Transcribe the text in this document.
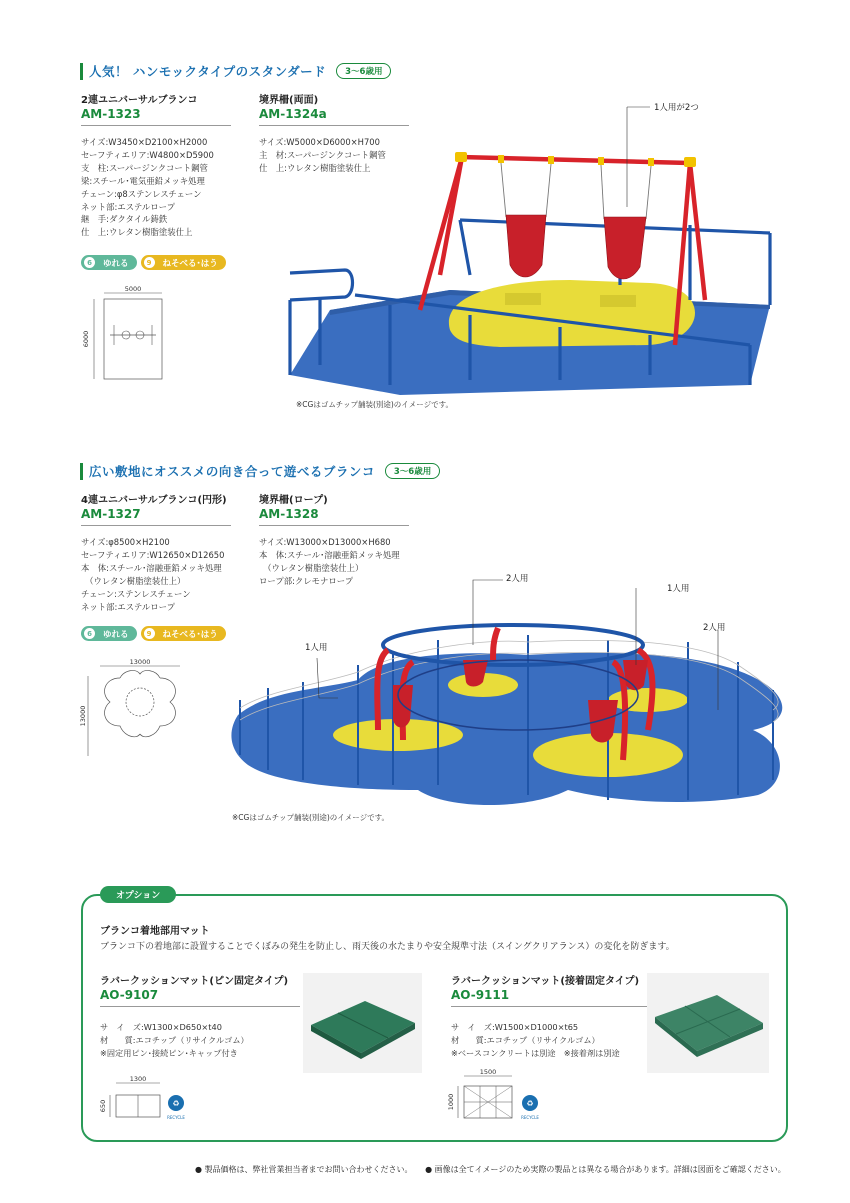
人気！ ハンモックタイプのスタンダード	3〜6歳用
2連ユニバーサルブランコ
AM-1323
サイズ:W3450×D2100×H2000
セーフティエリア:W4800×D5900
支　柱:スーパージンクコート鋼管
梁:スチール･電気亜鉛メッキ処理
チェーン:φ8ステンレスチェーン
ネット部:エステルロープ
継　手:ダクタイル鋳鉄
仕　上:ウレタン樹脂塗装仕上
境界柵(両面)
AM-1324a
サイズ:W5000×D6000×H700
主　材:スーパージンクコート鋼管
仕　上:ウレタン樹脂塗装仕上
6	ゆれる	9	ねそべる･はう
5000
6000
1人用が2つ
※CGはゴムチップ舗装(別途)のイメージです。
広い敷地にオススメの向き合って遊べるブランコ	3〜6歳用
4連ユニバーサルブランコ(円形)
AM-1327
サイズ:φ8500×H2100
セーフティエリア:W12650×D12650
本　体:スチール･溶融亜鉛メッキ処理
　（ウレタン樹脂塗装仕上）
チェーン:ステンレスチェーン
ネット部:エステルロープ
境界柵(ロープ)
AM-1328
サイズ:W13000×D13000×H680
本　体:スチール･溶融亜鉛メッキ処理
　（ウレタン樹脂塗装仕上）
ロープ部:クレモナロープ
6	ゆれる	9	ねそべる･はう
13000
13000
1人用
2人用
1人用
2人用
※CGはゴムチップ舗装(別途)のイメージです。
オプション
ブランコ着地部用マット
ブランコ下の着地部に設置することでくぼみの発生を防止し、雨天後の水たまりや安全規準寸法（スイングクリアランス）の変化を防ぎます。
ラバークッションマット(ピン固定タイプ)
AO-9107
サ　イ　ズ:W1300×D650×t40
材　　質:エコチップ（リサイクルゴム）
※固定用ピン･接続ピン･キャップ付き
1300
650	♻
RECYCLE
ラバークッションマット(接着固定タイプ)
AO-9111
サ　イ　ズ:W1500×D1000×t65
材　　質:エコチップ（リサイクルゴム）
※ベースコンクリートは別途　※接着剤は別途
1500
1000	♻
RECYCLE
● 製品価格は、弊社営業担当者までお問い合わせください。 ● 画像は全てイメージのため実際の製品とは異なる場合があります。詳細は図面をご確認ください。
